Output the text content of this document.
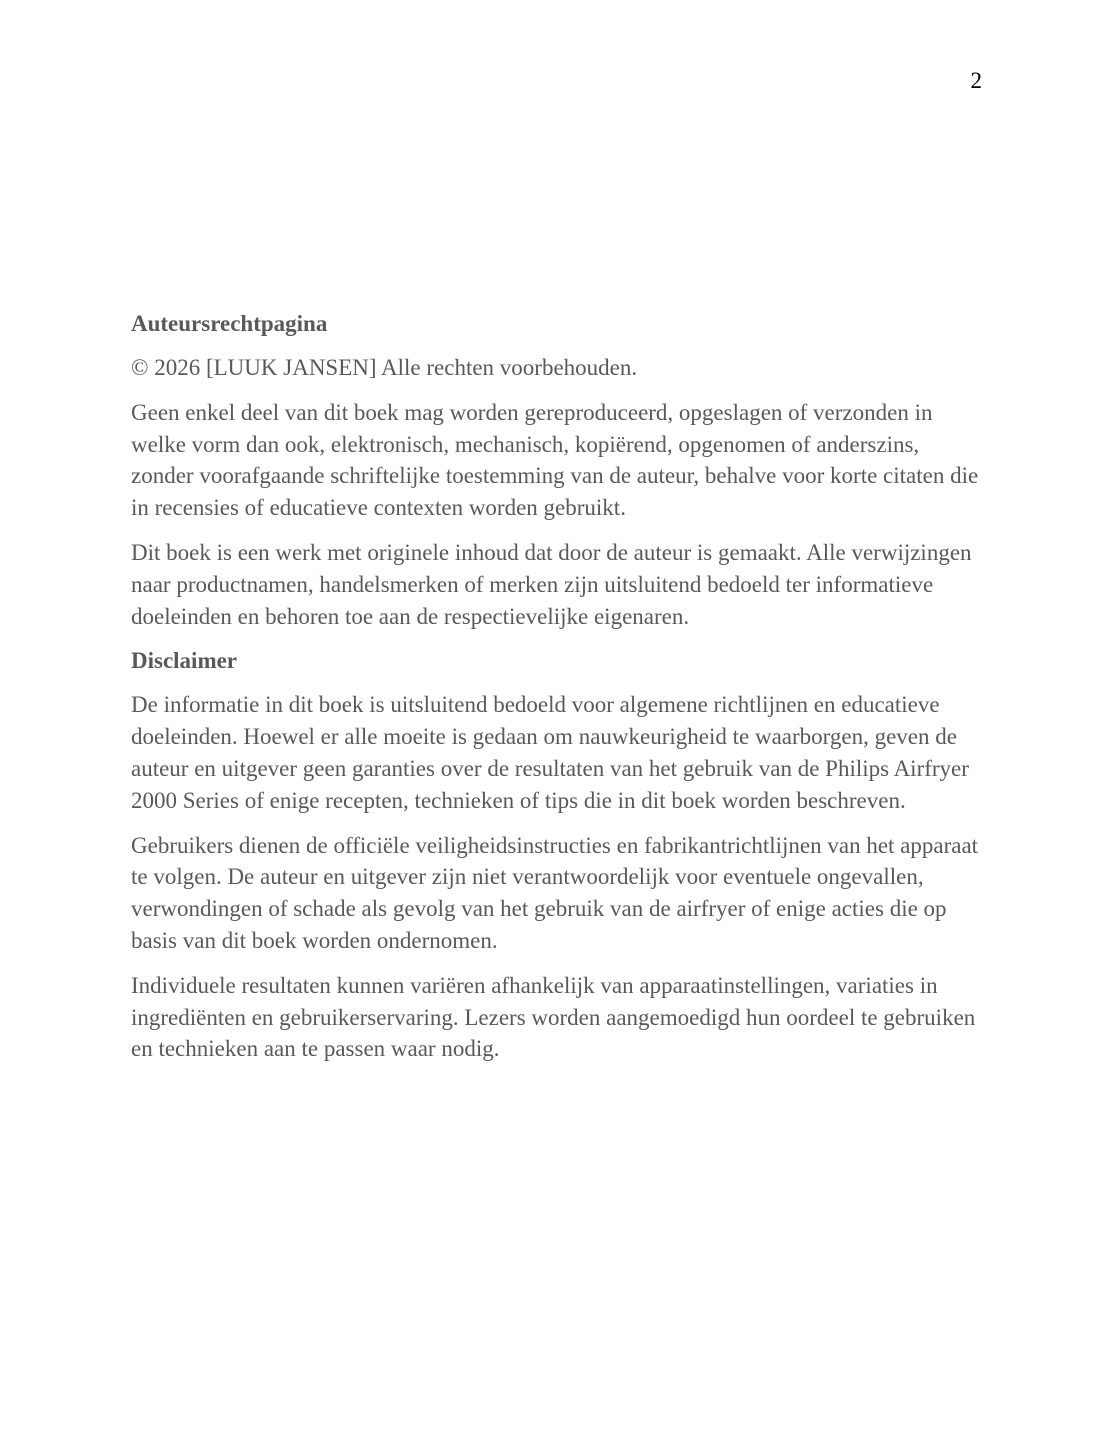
2
Auteursrechtpagina

© 2026 [LUUK JANSEN] Alle rechten voorbehouden.

Geen enkel deel van dit boek mag worden gereproduceerd, opgeslagen of verzonden in welke vorm dan ook, elektronisch, mechanisch, kopiërend, opgenomen of anderszins, zonder voorafgaande schriftelijke toestemming van de auteur, behalve voor korte citaten die in recensies of educatieve contexten worden gebruikt.

Dit boek is een werk met originele inhoud dat door de auteur is gemaakt. Alle verwijzingen naar productnamen, handelsmerken of merken zijn uitsluitend bedoeld ter informatieve doeleinden en behoren toe aan de respectievelijke eigenaren.

Disclaimer

De informatie in dit boek is uitsluitend bedoeld voor algemene richtlijnen en educatieve doeleinden. Hoewel er alle moeite is gedaan om nauwkeurigheid te waarborgen, geven de auteur en uitgever geen garanties over de resultaten van het gebruik van de Philips Airfryer 2000 Series of enige recepten, technieken of tips die in dit boek worden beschreven.

Gebruikers dienen de officiële veiligheidsinstructies en fabrikantrichtlijnen van het apparaat te volgen. De auteur en uitgever zijn niet verantwoordelijk voor eventuele ongevallen, verwondingen of schade als gevolg van het gebruik van de airfryer of enige acties die op basis van dit boek worden ondernomen.

Individuele resultaten kunnen variëren afhankelijk van apparaatinstellingen, variaties in ingrediënten en gebruikerservaring. Lezers worden aangemoedigd hun oordeel te gebruiken en technieken aan te passen waar nodig.
